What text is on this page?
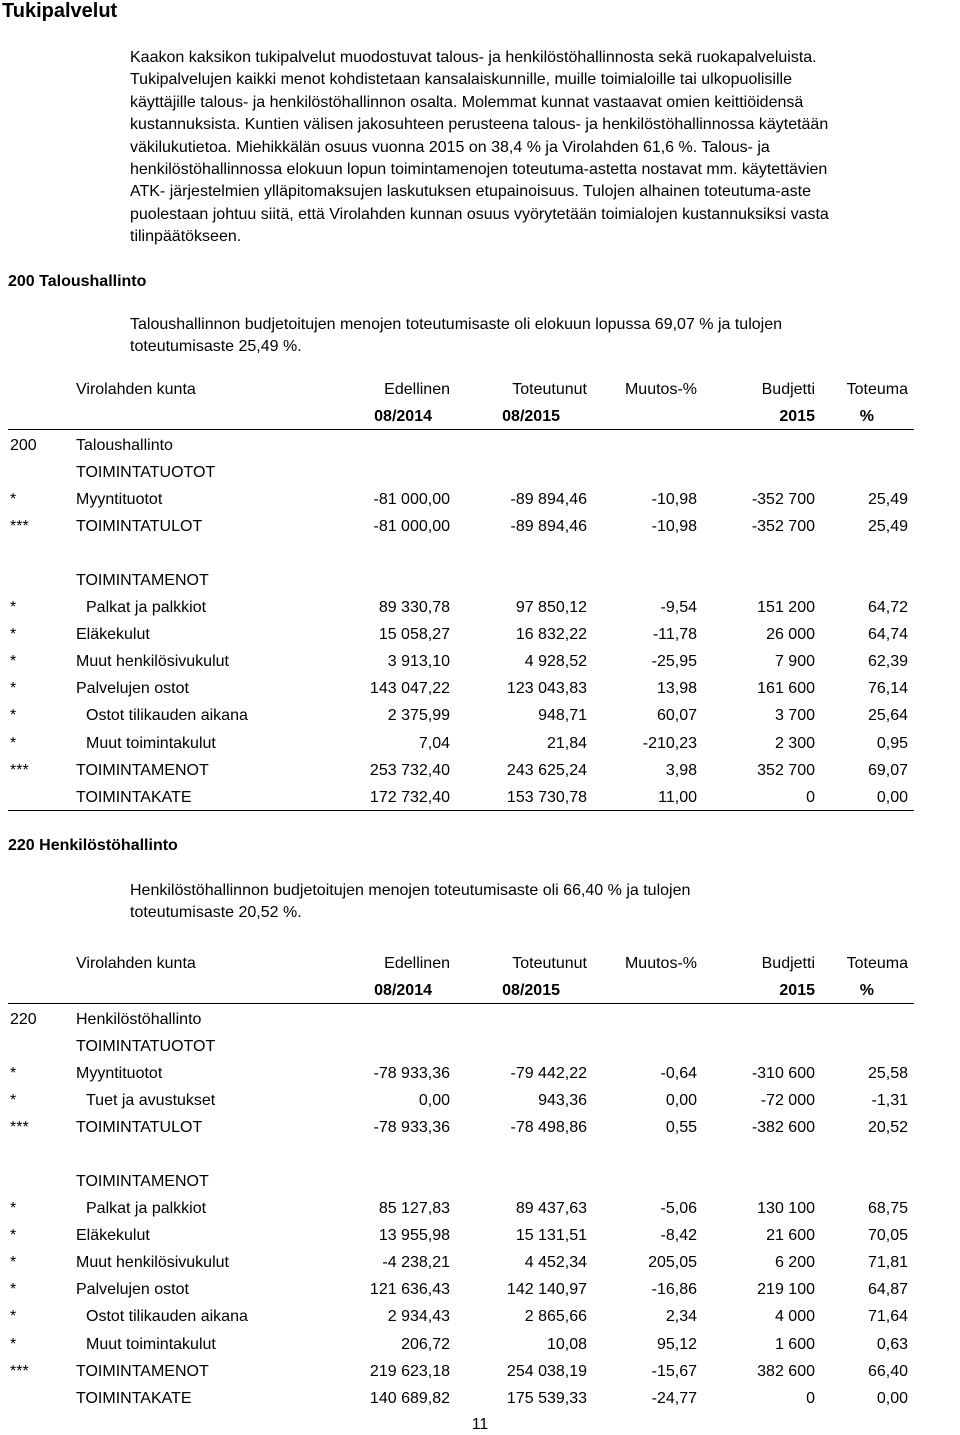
Tukipalvelut
Kaakon kaksikon tukipalvelut muodostuvat talous- ja henkilöstöhallinnosta sekä ruokapalveluista.
Tukipalvelujen kaikki menot kohdistetaan kansalaiskunnille, muille toimialoille tai ulkopuolisille
käyttäjille talous- ja henkilöstöhallinnon osalta. Molemmat kunnat vastaavat omien keittiöidensä
kustannuksista. Kuntien välisen jakosuhteen perusteena talous- ja henkilöstöhallinnossa käytetään
väkilukutietoa. Miehikkälän osuus vuonna 2015 on 38,4 % ja Virolahden 61,6 %. Talous- ja
henkilöstöhallinnossa elokuun lopun toimintamenojen toteutuma-astetta nostavat mm. käytettävien
ATK- järjestelmien ylläpitomaksujen laskutuksen etupainoisuus. Tulojen alhainen toteutuma-aste
puolestaan johtuu siitä, että Virolahden kunnan osuus vyörytetään toimialojen kustannuksiksi vasta
tilinpäätökseen.
200 Taloushallinto
Taloushallinnon budjetoitujen menojen toteutumisaste oli elokuun lopussa 69,07 % ja tulojen
toteutumisaste 25,49 %.
Virolahden kunta	Edellinen	Toteutunut Muutos-%	Budjetti Toteuma
08/2014	08/2015	2015	%
200 Taloushallinto
TOIMINTATUOTOT
*	Myyntituotot	-81 000,00	-89 894,46	-10,98	-352 700	25,49
***	TOIMINTATULOT	-81 000,00	-89 894,46	-10,98	-352 700	25,49
TOIMINTAMENOT
*	Palkat ja palkkiot	89 330,78	97 850,12	-9,54	151 200	64,72
*	Eläkekulut	15 058,27	16 832,22	-11,78	26 000	64,74
*	Muut henkilösivukulut	3 913,10	4 928,52	-25,95	7 900	62,39
*	Palvelujen ostot	143 047,22	123 043,83	13,98	161 600	76,14
*	Ostot tilikauden aikana	2 375,99	948,71	60,07	3 700	25,64
*	Muut toimintakulut	7,04	21,84	-210,23	2 300	0,95
***	TOIMINTAMENOT	253 732,40	243 625,24	3,98	352 700	69,07
TOIMINTAKATE	172 732,40	153 730,78	11,00	0	0,00
220 Henkilöstöhallinto
Henkilöstöhallinnon budjetoitujen menojen toteutumisaste oli 66,40 % ja tulojen
toteutumisaste 20,52 %.
Virolahden kunta	Edellinen	Toteutunut Muutos-%	Budjetti Toteuma
08/2014	08/2015	2015	%
220 Henkilöstöhallinto
TOIMINTATUOTOT
*	Myyntituotot	-78 933,36	-79 442,22	-0,64	-310 600	25,58
*	Tuet ja avustukset	0,00	943,36	0,00	-72 000	-1,31
***	TOIMINTATULOT	-78 933,36	-78 498,86	0,55	-382 600	20,52
TOIMINTAMENOT
*	Palkat ja palkkiot	85 127,83	89 437,63	-5,06	130 100	68,75
*	Eläkekulut	13 955,98	15 131,51	-8,42	21 600	70,05
*	Muut henkilösivukulut	-4 238,21	4 452,34	205,05	6 200	71,81
*	Palvelujen ostot	121 636,43	142 140,97	-16,86	219 100	64,87
*	Ostot tilikauden aikana	2 934,43	2 865,66	2,34	4 000	71,64
*	Muut toimintakulut	206,72	10,08	95,12	1 600	0,63
***	TOIMINTAMENOT	219 623,18	254 038,19	-15,67	382 600	66,40
TOIMINTAKATE	140 689,82	175 539,33	-24,77	0	0,00
11
